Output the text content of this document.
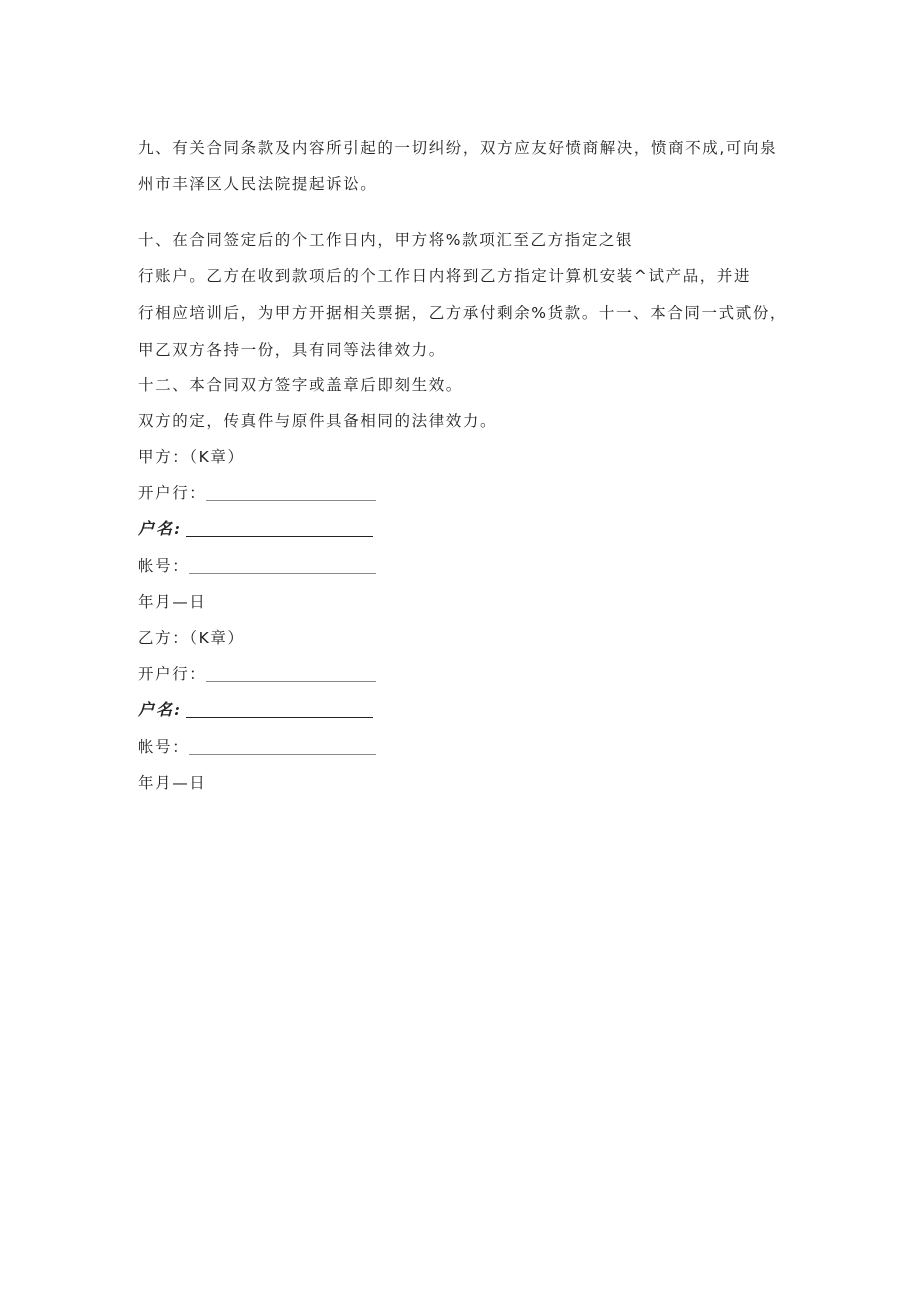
九、有关合同条款及内容所引起的一切纠纷，双方应友好愤商解决，愤商不成,可向泉
州市丰泽区人民法院提起诉讼。
十、在合同签定后的个工作日内，甲方将%款项汇至乙方指定之银
行账户。乙方在收到款项后的个工作日内将到乙方指定计算机安装^试产品，并进
行相应培训后，为甲方开据相关票据，乙方承付剩余%货款。十一、本合同一式贰份，
甲乙双方各持一份，具有同等法律效力。
十二、本合同双方签字或盖章后即刻生效。
双方的定，传真件与原件具备相同的法律效力。
甲方：（K章）
开户行：
户名:
帐号：
年月—日
乙方：（K章）
开户行：
户名:
帐号：
年月—日
